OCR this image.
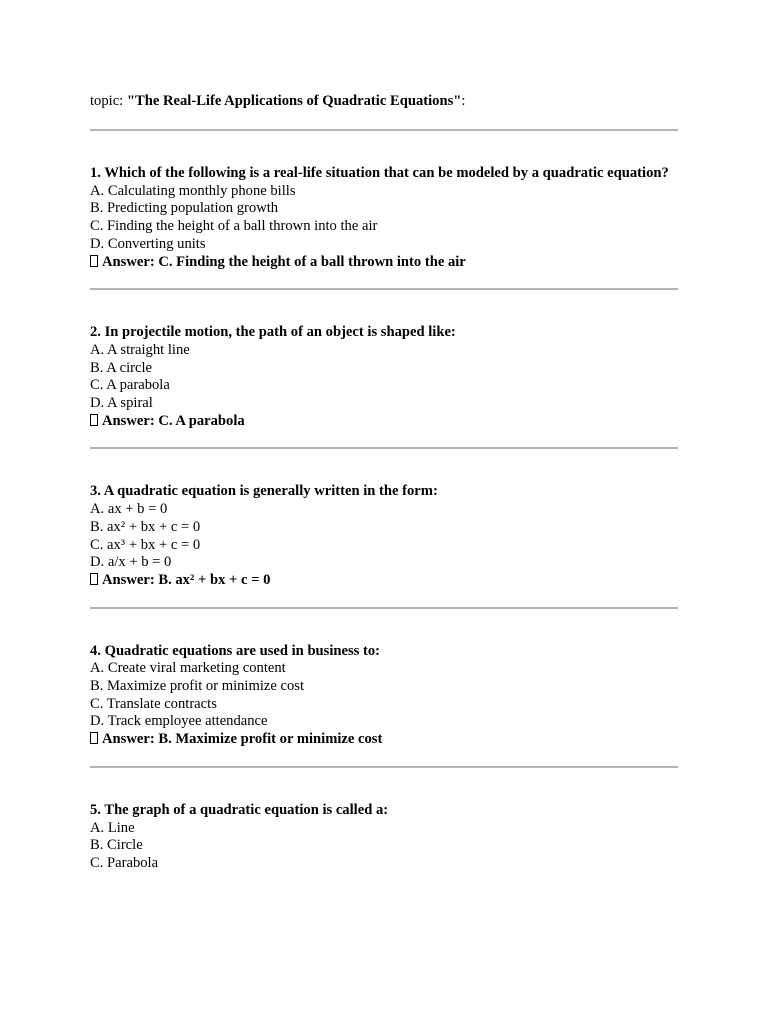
topic: "The Real-Life Applications of Quadratic Equations":

1. Which of the following is a real-life situation that can be modeled by a quadratic equation?

A. Calculating monthly phone bills

B. Predicting population growth

C. Finding the height of a ball thrown into the air

D. Converting units

Answer: C. Finding the height of a ball thrown into the air

2. In projectile motion, the path of an object is shaped like:

A. A straight line

B. A circle

C. A parabola

D. A spiral

Answer: C. A parabola

3. A quadratic equation is generally written in the form:

A. ax + b = 0

B. ax² + bx + c = 0

C. ax³ + bx + c = 0

D. a/x + b = 0

Answer: B. ax² + bx + c = 0

4. Quadratic equations are used in business to:

A. Create viral marketing content

B. Maximize profit or minimize cost

C. Translate contracts

D. Track employee attendance

Answer: B. Maximize profit or minimize cost

5. The graph of a quadratic equation is called a:

A. Line

B. Circle

C. Parabola
